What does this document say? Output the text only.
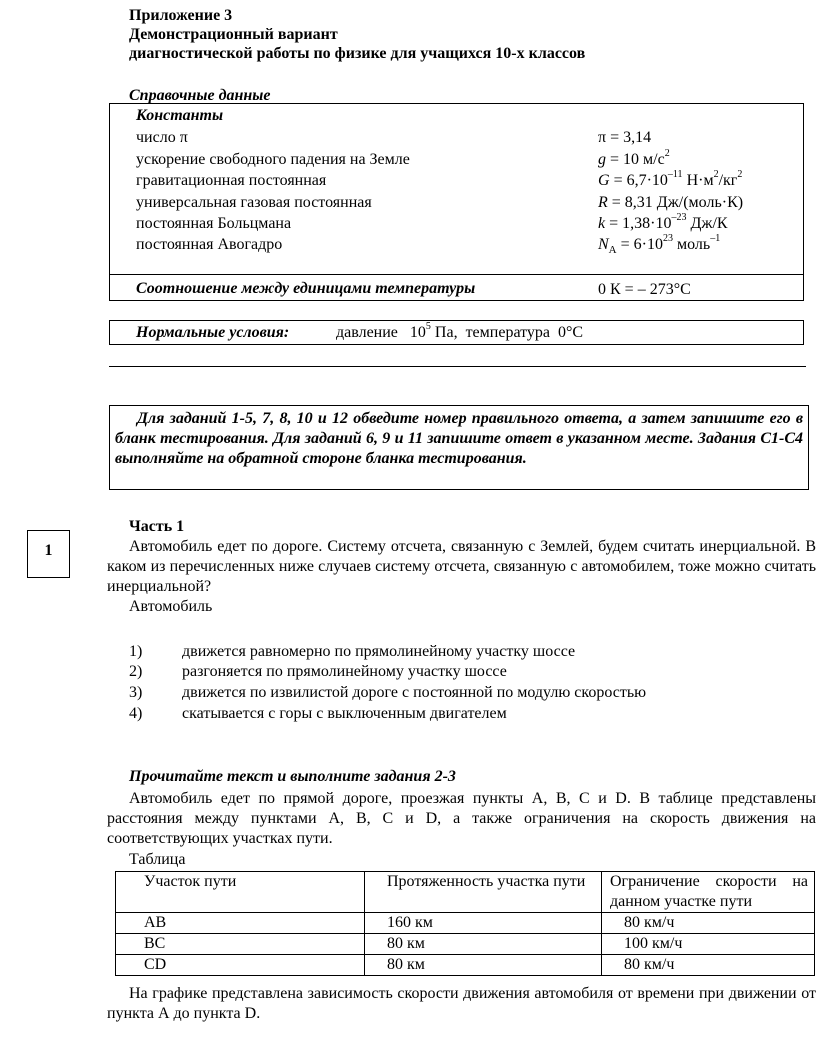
Приложение 3
Демонстрационный вариант
диагностической работы по физике для учащихся 10-х классов
Справочные данные
Константы
число π	π = 3,14
ускорение свободного падения на Земле	g = 10 $м/с^2$
гравитационная постоянная	$G = 6,7\cdot 10^{-11}$ $Н\cdot м^2/кг^2$
универсальная газовая постоянная	R = 8,31 Дж/(моль·К)
постоянная Больцмана	$k = 1,38\cdot 10^{-23}$ Дж/К
постоянная Авогадро	$N_A = 6\cdot 10^{23}$ моль$^{-1}$
Соотношение между единицами температуры	0 К = – 273°С
Нормальные условия:	давление   $10^5$ Па,  температура  0°С

Для заданий 1-5, 7, 8, 10 и 12 обведите номер правильного ответа, а затем запишите его в бланк тестирования. Для заданий 6, 9 и 11 запишите ответ в указанном месте. Задания С1-С4 выполняйте на обратной стороне бланка тестирования.

1
Часть 1

Автомобиль едет по дороге. Систему отсчета, связанную с Землей, будем считать инерциальной. В каком из перечисленных ниже случаев систему отсчета, связанную с автомобилем, тоже можно считать инерциальной?

Автомобиль
1) движется равномерно по прямолинейному участку шоссе
2) разгоняется по прямолинейному участку шоссе
3) движется по извилистой дороге с постоянной по модулю скоростью
4) скатывается с горы с выключенным двигателем
Прочитайте текст и выполните задания 2-3

Автомобиль едет по прямой дороге, проезжая пункты А, В, С и D. В таблице представлены расстояния между пунктами А, В, С и D, а также ограничения на скорость движения на соответствующих участках пути.

Таблица
Участок пути	Протяженность участка пути	Ограничение скорости на данном участке пути
АВ	160 км	80 км/ч
ВС	80 км	100 км/ч
CD	80 км	80 км/ч

На графике представлена зависимость скорости движения автомобиля от времени при движении от пункта А до пункта D.
